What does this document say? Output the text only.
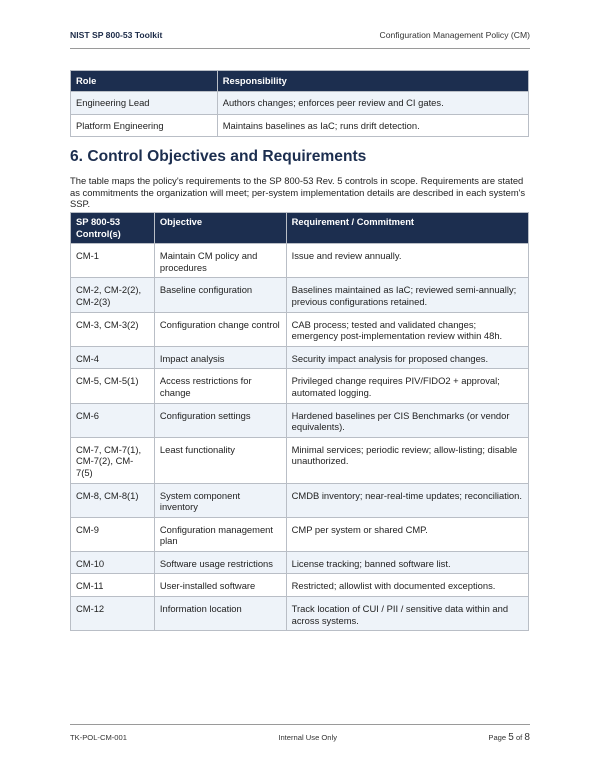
NIST SP 800-53 Toolkit	Configuration Management Policy (CM)
Role	Responsibility
Engineering Lead	Authors changes; enforces peer review and CI gates.
Platform Engineering	Maintains baselines as IaC; runs drift detection.
6. Control Objectives and Requirements

The table maps the policy's requirements to the SP 800-53 Rev. 5 controls in scope. Requirements are stated as commitments the organization will meet; per-system implementation details are described in each system's SSP.

SP 800-53 Control(s)	Objective	Requirement / Commitment
CM-1	Maintain CM policy and procedures	Issue and review annually.
CM-2, CM-2(2), CM-2(3)	Baseline configuration	Baselines maintained as IaC; reviewed semi-annually; previous configurations retained.
CM-3, CM-3(2)	Configuration change control	CAB process; tested and validated changes; emergency post-implementation review within 48h.
CM-4	Impact analysis	Security impact analysis for proposed changes.
CM-5, CM-5(1)	Access restrictions for change	Privileged change requires PIV/FIDO2 + approval; automated logging.
CM-6	Configuration settings	Hardened baselines per CIS Benchmarks (or vendor equivalents).
CM-7, CM-7(1), CM-7(2), CM-7(5)	Least functionality	Minimal services; periodic review; allow-listing; disable unauthorized.
CM-8, CM-8(1)	System component inventory	CMDB inventory; near-real-time updates; reconciliation.
CM-9	Configuration management plan	CMP per system or shared CMP.
CM-10	Software usage restrictions	License tracking; banned software list.
CM-11	User-installed software	Restricted; allowlist with documented exceptions.
CM-12	Information location	Track location of CUI / PII / sensitive data within and across systems.
TK-POL-CM-001	Internal Use Only	Page 5 of 8
